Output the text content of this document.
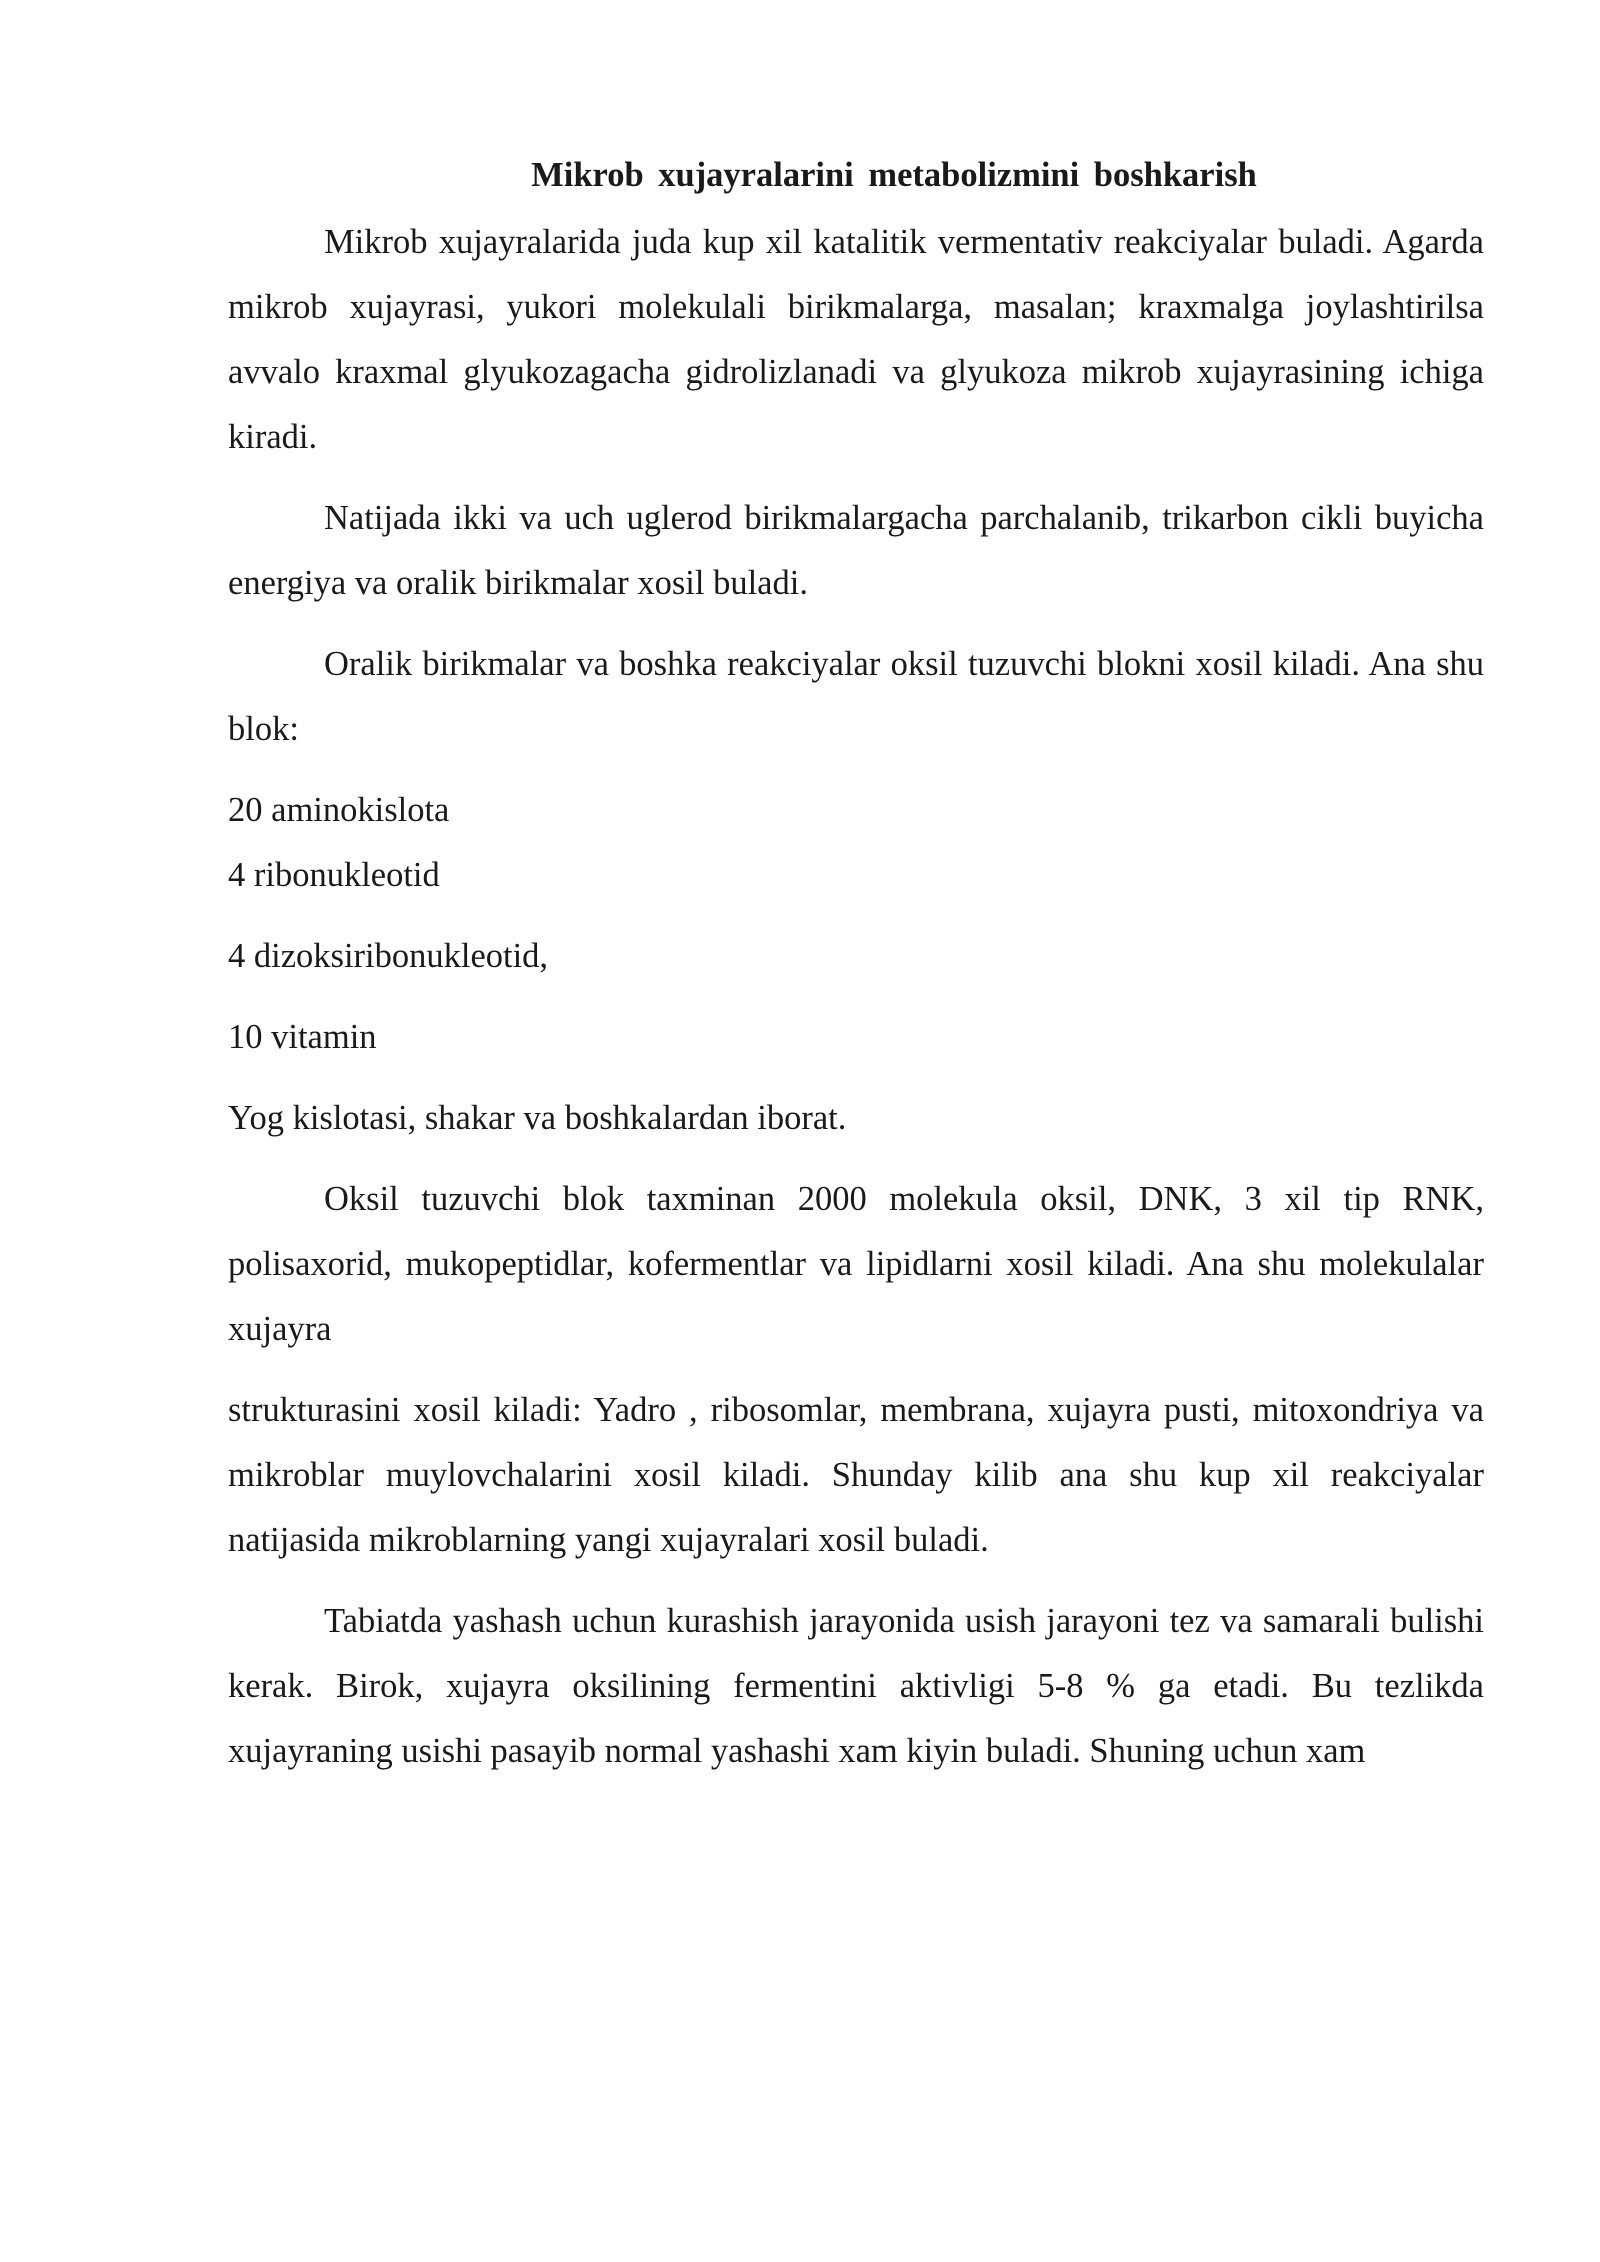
Mikrob xujayralarini metabolizmini boshkarish

Mikrob xujayralarida juda kup xil katalitik vermentativ reakciyalar buladi. Agarda mikrob xujayrasi, yukori molekulali birikmalarga, masalan; kraxmalga joylashtirilsa avvalo kraxmal glyukozagacha gidrolizlanadi va glyukoza mikrob xujayrasining ichiga kiradi.

Natijada ikki va uch uglerod birikmalargacha parchalanib, trikarbon cikli buyicha energiya va oralik birikmalar xosil buladi.

Oralik birikmalar va boshka reakciyalar oksil tuzuvchi blokni xosil kiladi. Ana shu blok:

20 aminokislota

4 ribonukleotid

4 dizoksiribonukleotid,

10 vitamin

Yog kislotasi, shakar va boshkalardan iborat.

Oksil tuzuvchi blok taxminan 2000 molekula oksil, DNK, 3 xil tip RNK, polisaxorid, mukopeptidlar, kofermentlar va lipidlarni xosil kiladi. Ana shu molekulalar xujayra

strukturasini xosil kiladi: Yadro , ribosomlar, membrana, xujayra pusti, mitoxondriya va mikroblar muylovchalarini xosil kiladi. Shunday kilib ana shu kup xil reakciyalar natijasida mikroblarning yangi xujayralari xosil buladi.

Tabiatda yashash uchun kurashish jarayonida usish jarayoni tez va samarali bulishi kerak. Birok, xujayra oksilining fermentini aktivligi 5-8 % ga etadi. Bu tezlikda xujayraning usishi pasayib normal yashashi xam kiyin buladi. Shuning uchun xam
